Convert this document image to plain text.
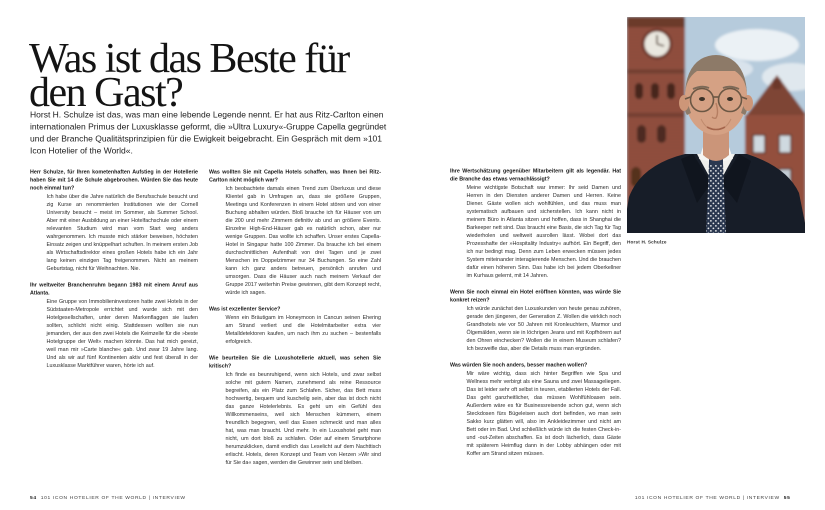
Was ist das Beste für
den Gast?

Horst H. Schulze ist das, was man eine lebende Legende nennt. Er hat aus Ritz-Carlton einen internationalen Primus der Luxusklasse geformt, die »Ultra Luxury«-Gruppe Capella gegründet und der Branche Qualitätsprinzipien für die Ewigkeit beigebracht. Ein Gespräch mit dem »101 Icon Hotelier of the World«.

Herr Schulze, für Ihren kometenhaften Aufstieg in der Hotellerie haben Sie mit 14 die Schule abgebrochen. Würden Sie das heute noch einmal tun?
Ich habe über die Jahre natürlich die Berufsschule besucht und zig Kurse an renommierten Institutionen wie der Cornell University besucht – meist im Sommer, als Summer School. Aber mit einer Ausbildung an einer Hotelfachschule oder einem relevanten Studium wird man vom Start weg anders wahrgenommen. Ich musste mich stärker beweisen, höchsten Einsatz zeigen und knüppelhart schuften. In meinem ersten Job als Wirtschaftsdirektor eines großen Hotels habe ich ein Jahr lang keinen einzigen Tag freigenommen. Nicht an meinem Geburtstag, nicht für Weihnachten. Nie.
Ihr weltweiter Branchenruhm begann 1983 mit einem Anruf aus Atlanta.
Eine Gruppe von Immobilieninvestoren hatte zwei Hotels in der Südstaaten-Metropole errichtet und wurde sich mit den Hotelgesellschaften, unter deren Markenflaggen sie laufen sollten, schlicht nicht einig. Stattdessen wollten sie nun jemanden, der aus den zwei Hotels die Keimzelle für die »beste Hotelgruppe der Welt« machen könnte. Das hat mich gereizt, weil man mir »Carte blanche« gab. Und zwar 19 Jahre lang. Und als wir auf fünf Kontinenten aktiv und fest überall in der Luxusklasse Marktführer waren, hörte ich auf.
Was wollten Sie mit Capella Hotels schaffen, was Ihnen bei Ritz-Carlton nicht möglich war?
Ich beobachtete damals einen Trend zum Überluxus und diese Klientel gab in Umfragen an, dass sie größere Gruppen, Meetings und Konferenzen in einem Hotel stören und von einer Buchung abhalten würden. Bloß brauche ich für Häuser von um die 200 und mehr Zimmern definitiv ab und an größere Events. Einzelne High-End-Häuser gab es natürlich schon, aber nur wenige Gruppen. Das wollte ich schaffen. Unser erstes Capella-Hotel in Singapur hatte 100 Zimmer. Da brauche ich bei einem durchschnittlichen Aufenthalt von drei Tagen und je zwei Menschen im Doppelzimmer nur 34 Buchungen. So eine Zahl kann ich ganz anders betreuen, persönlich anrufen und umsorgen. Dass die Häuser auch nach meinem Verkauf der Gruppe 2017 weiterhin Preise gewinnen, gibt dem Konzept recht, würde ich sagen.
Was ist exzellenter Service?
Wenn ein Bräutigam im Honeymoon in Cancun seinen Ehering am Strand verliert und die Hotelmitarbeiter extra vier Metalldetektoren kaufen, um nach ihm zu suchen – bestenfalls erfolgreich.
Wie beurteilen Sie die Luxushotellerie aktuell, was sehen Sie kritisch?
Ich finde es beunruhigend, wenn sich Hotels, und zwar selbst solche mit gutem Namen, zunehmend als reine Ressource begreifen, als ein Platz zum Schlafen. Sicher, das Bett muss hochwertig, bequem und kuschelig sein, aber das ist doch nicht das ganze Hotelerlebnis. Es geht um ein Gefühl des Willkommenseins, weil sich Menschen kümmern, einem freundlich begegnen, weil das Essen schmeckt und man alles hat, was man braucht. Und mehr. In ein Luxushotel geht man nicht, um dort bloß zu schlafen. Oder auf einem Smartphone herumzuklicken, damit endlich das Leselicht auf dem Nachttisch erlischt. Hotels, deren Konzept und Team von Herzen »Wir sind für Sie da« sagen, werden die Gewinner sein und bleiben.
Ihre Wertschätzung gegenüber Mitarbeitern gilt als legendär. Hat die Branche das etwas vernachlässigt?
Meine wichtigste Botschaft war immer: Ihr seid Damen und Herren in den Diensten anderer Damen und Herren. Keine Diener. Gäste wollen sich wohlfühlen, und das muss man systematisch aufbauen und sicherstellen. Ich kann nicht in meinem Büro in Atlanta sitzen und hoffen, dass in Shanghai die Barkeeper nett sind. Das braucht eine Basis, die sich Tag für Tag wiederholen und weltweit ausrollen lässt. Wobei dort das Prozesshafte der »Hospitality Industry« aufhört. Ein Begriff, den ich nur bedingt mag. Denn zum Leben erwecken müssen jedes System miteinander interagierende Menschen. Und die brauchen dafür einen höheren Sinn. Das habe ich bei jedem Oberkellner im Kurhaus gelernt, mit 14 Jahren.
Wenn Sie noch einmal ein Hotel eröffnen könnten, was würde Sie konkret reizen?
Ich würde zunächst den Luxuskunden von heute genau zuhören, gerade den jüngeren, der Generation Z. Wollen die wirklich noch Grandhotels wie vor 50 Jahren mit Kronleuchtern, Marmor und Ölgemälden, wenn sie in löchrigen Jeans und mit Kopfhörern auf den Ohren einchecken? Wollen die in einem Museum schlafen? Ich bezweifle das, aber die Details muss man ergründen.
Was würden Sie noch anders, besser machen wollen?
Mir wäre wichtig, dass sich hinter Begriffen wie Spa und Wellness mehr verbirgt als eine Sauna und zwei Massageliegen. Das ist leider sehr oft selbst in teuren, etablierten Hotels der Fall. Das geht ganzheitlicher, das müssen Wohlfühloasen sein. Außerdem wäre es für Businessreisende schon gut, wenn sich Steckdosen fürs Bügeleisen auch dort befinden, wo man sein Sakko kurz glätten will, also im Ankleidezimmer und nicht am Bett oder im Bad. Und schließlich würde ich die festen Check-in- und -out-Zeiten abschaffen. Es ist doch lächerlich, dass Gäste mit späterem Heimflug dann in der Lobby abhängen oder mit Koffer am Strand sitzen müssen.
Horst H. Schulze
54 101 ICON HOTELIER OF THE WORLD | INTERVIEW	101 ICON HOTELIER OF THE WORLD | INTERVIEW 55
